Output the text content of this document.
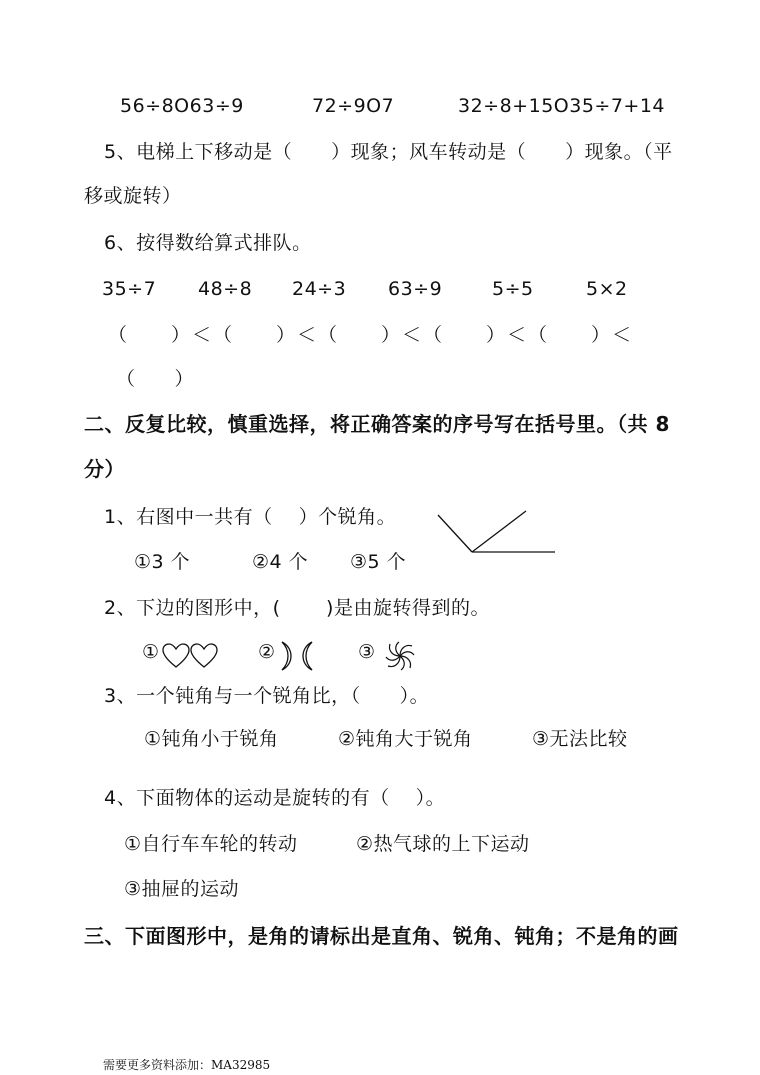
56÷8O63÷9	72÷9O7	32÷8+15O35÷7+14
5、电梯上下移动是（　　）现象；风车转动是（　　）现象。（平
移或旋转）
6、按得数给算式排队。
35÷7 48÷8 24÷3 63÷9	5÷5	5×2
（　　）＜（　　）＜（　　）＜（　　）＜（　　）＜
（　　）
二、反复比较，慎重选择，将正确答案的序号写在括号里。（共 8
分）
1、右图中一共有（　 ）个锐角。
①3 个	②4 个 ③5 个
2、下边的图形中，(　　 )是由旋转得到的。
①	②	③
3、一个钝角与一个锐角比，（　　）。
①钝角小于锐角	②钝角大于锐角	③无法比较
4、下面物体的运动是旋转的有（　 ）。
①自行车车轮的转动	②热气球的上下运动
③抽屉的运动
三、下面图形中，是角的请标出是直角、锐角、钝角；不是角的画
需要更多资料添加：MA32985
